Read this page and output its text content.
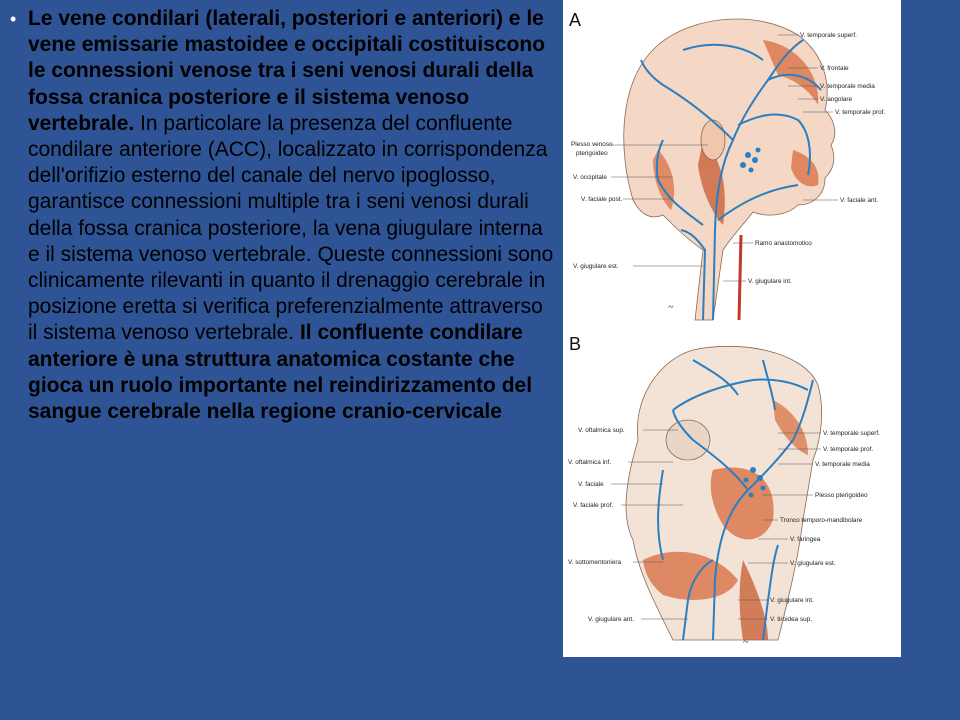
• Le vene condilari (laterali, posteriori e anteriori) e le vene emissarie mastoidee e occipitali costituiscono le connessioni venose tra i seni venosi durali della fossa cranica posteriore e il sistema venoso vertebrale. In particolare la presenza del confluente condilare anteriore (ACC), localizzato in corrispondenza dell'orifizio esterno del canale del nervo ipoglosso, garantisce connessioni multiple tra i seni venosi durali della fossa cranica posteriore, la vena giugulare interna e il sistema venoso vertebrale. Queste connessioni sono clinicamente rilevanti in quanto il drenaggio cerebrale in posizione eretta si verifica preferenzialmente attraverso il sistema venoso vertebrale. Il confluente condilare anteriore è una struttura anatomica costante che gioca un ruolo importante nel reindirizzamento del sangue cerebrale nella regione cranio-cervicale

A
V. temporale superf.
V. frontale
V. temporale media
V. angolare
V. temporale prof.
V. faciale ant.
Ramo anastomotico
V. giugulare int.
Plesso venoso
pterigoideo
V. occipitale
V. faciale post.
V. giugulare est.
~
B
V. oftalmica sup.
V. oftalmica inf.
V. faciale
V. faciale prof.
V. sottomentoniera
V. giugulare ant.
V. temporale superf.
V. temporale prof.
V. temporale media
Plesso pterigoideo
Tronco temporo-mandibolare
V. faringea
V. giugulare est.
V. giugulare int.
V. tiroidea sup.
~
